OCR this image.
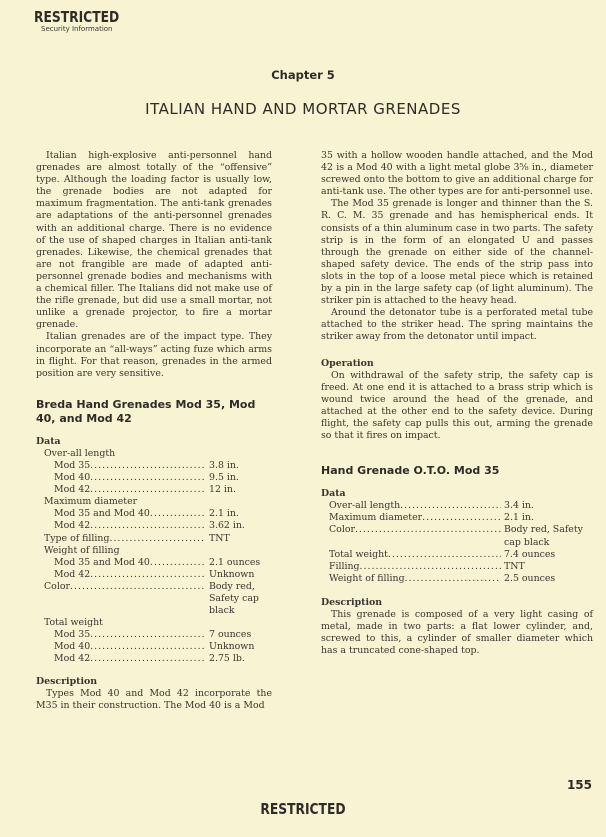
RESTRICTED
Security Information
Chapter 5
ITALIAN HAND AND MORTAR GRENADES

Italian high-explosive anti-personnel hand grenades are almost totally of the “offensive” type. Although the loading factor is usually low, the grenade bodies are not adapted for maximum fragmentation. The anti-tank grenades are adaptations of the anti-personnel grenades with an additional charge. There is no evidence of the use of shaped charges in Italian anti-tank grenades. Likewise, the chemical grenades that are not frangible are made of adapted anti-personnel grenade bodies and mechanisms with a chemical filler. The Italians did not make use of the rifle grenade, but did use a small mortar, not unlike a grenade projector, to fire a mortar grenade.

Italian grenades are of the impact type. They incorporate an “all-ways” acting fuze which arms in flight. For that reason, grenades in the armed position are very sensitive.

Breda Hand Grenades Mod 35, Mod 40, and Mod 42
Data
Over-all length
Mod 35 .....	3.8 in.
Mod 40 .....	9.5 in.
Mod 42 .....	12 in.
Maximum diameter
Mod 35 and Mod 40 .....	2.1 in.
Mod 42 .....	3.62 in.
Type of filling .....	TNT
Weight of filling
Mod 35 and Mod 40 .....	2.1 ounces
Mod 42 .....	Unknown
Color .....	Body red, Safety cap black
Total weight
Mod 35 .....	7 ounces
Mod 40 .....	Unknown
Mod 42 .....	2.75 lb.
Description

Types Mod 40 and Mod 42 incorporate the M35 in their construction. The Mod 40 is a Mod

35 with a hollow wooden handle attached, and the Mod 42 is a Mod 40 with a light metal globe 3⅝ in., diameter screwed onto the bottom to give an additional charge for anti-tank use. The other types are for anti-personnel use.

The Mod 35 grenade is longer and thinner than the S. R. C. M. 35 grenade and has hemispherical ends. It consists of a thin aluminum case in two parts. The safety strip is in the form of an elongated U and passes through the grenade on either side of the channel-shaped safety device. The ends of the strip pass into slots in the top of a loose metal piece which is retained by a pin in the large safety cap (of light aluminum). The striker pin is attached to the heavy head.

Around the detonator tube is a perforated metal tube attached to the striker head. The spring maintains the striker away from the detonator until impact.

Operation

On withdrawal of the safety strip, the safety cap is freed. At one end it is attached to a brass strip which is wound twice around the head of the grenade, and attached at the other end to the safety device. During flight, the safety cap pulls this out, arming the grenade so that it fires on impact.

Hand Grenade O.T.O. Mod 35
Data
Over-all length .....	3.4 in.
Maximum diameter .....	2.1 in.
Color .....	Body red, Safety cap black
Total weight .....	7.4 ounces
Filling .....	TNT
Weight of filling .....	2.5 ounces
Description

This grenade is composed of a very light casing of metal, made in two parts: a flat lower cylinder, and, screwed to this, a cylinder of smaller diameter which has a truncated cone-shaped top.

155
RESTRICTED
